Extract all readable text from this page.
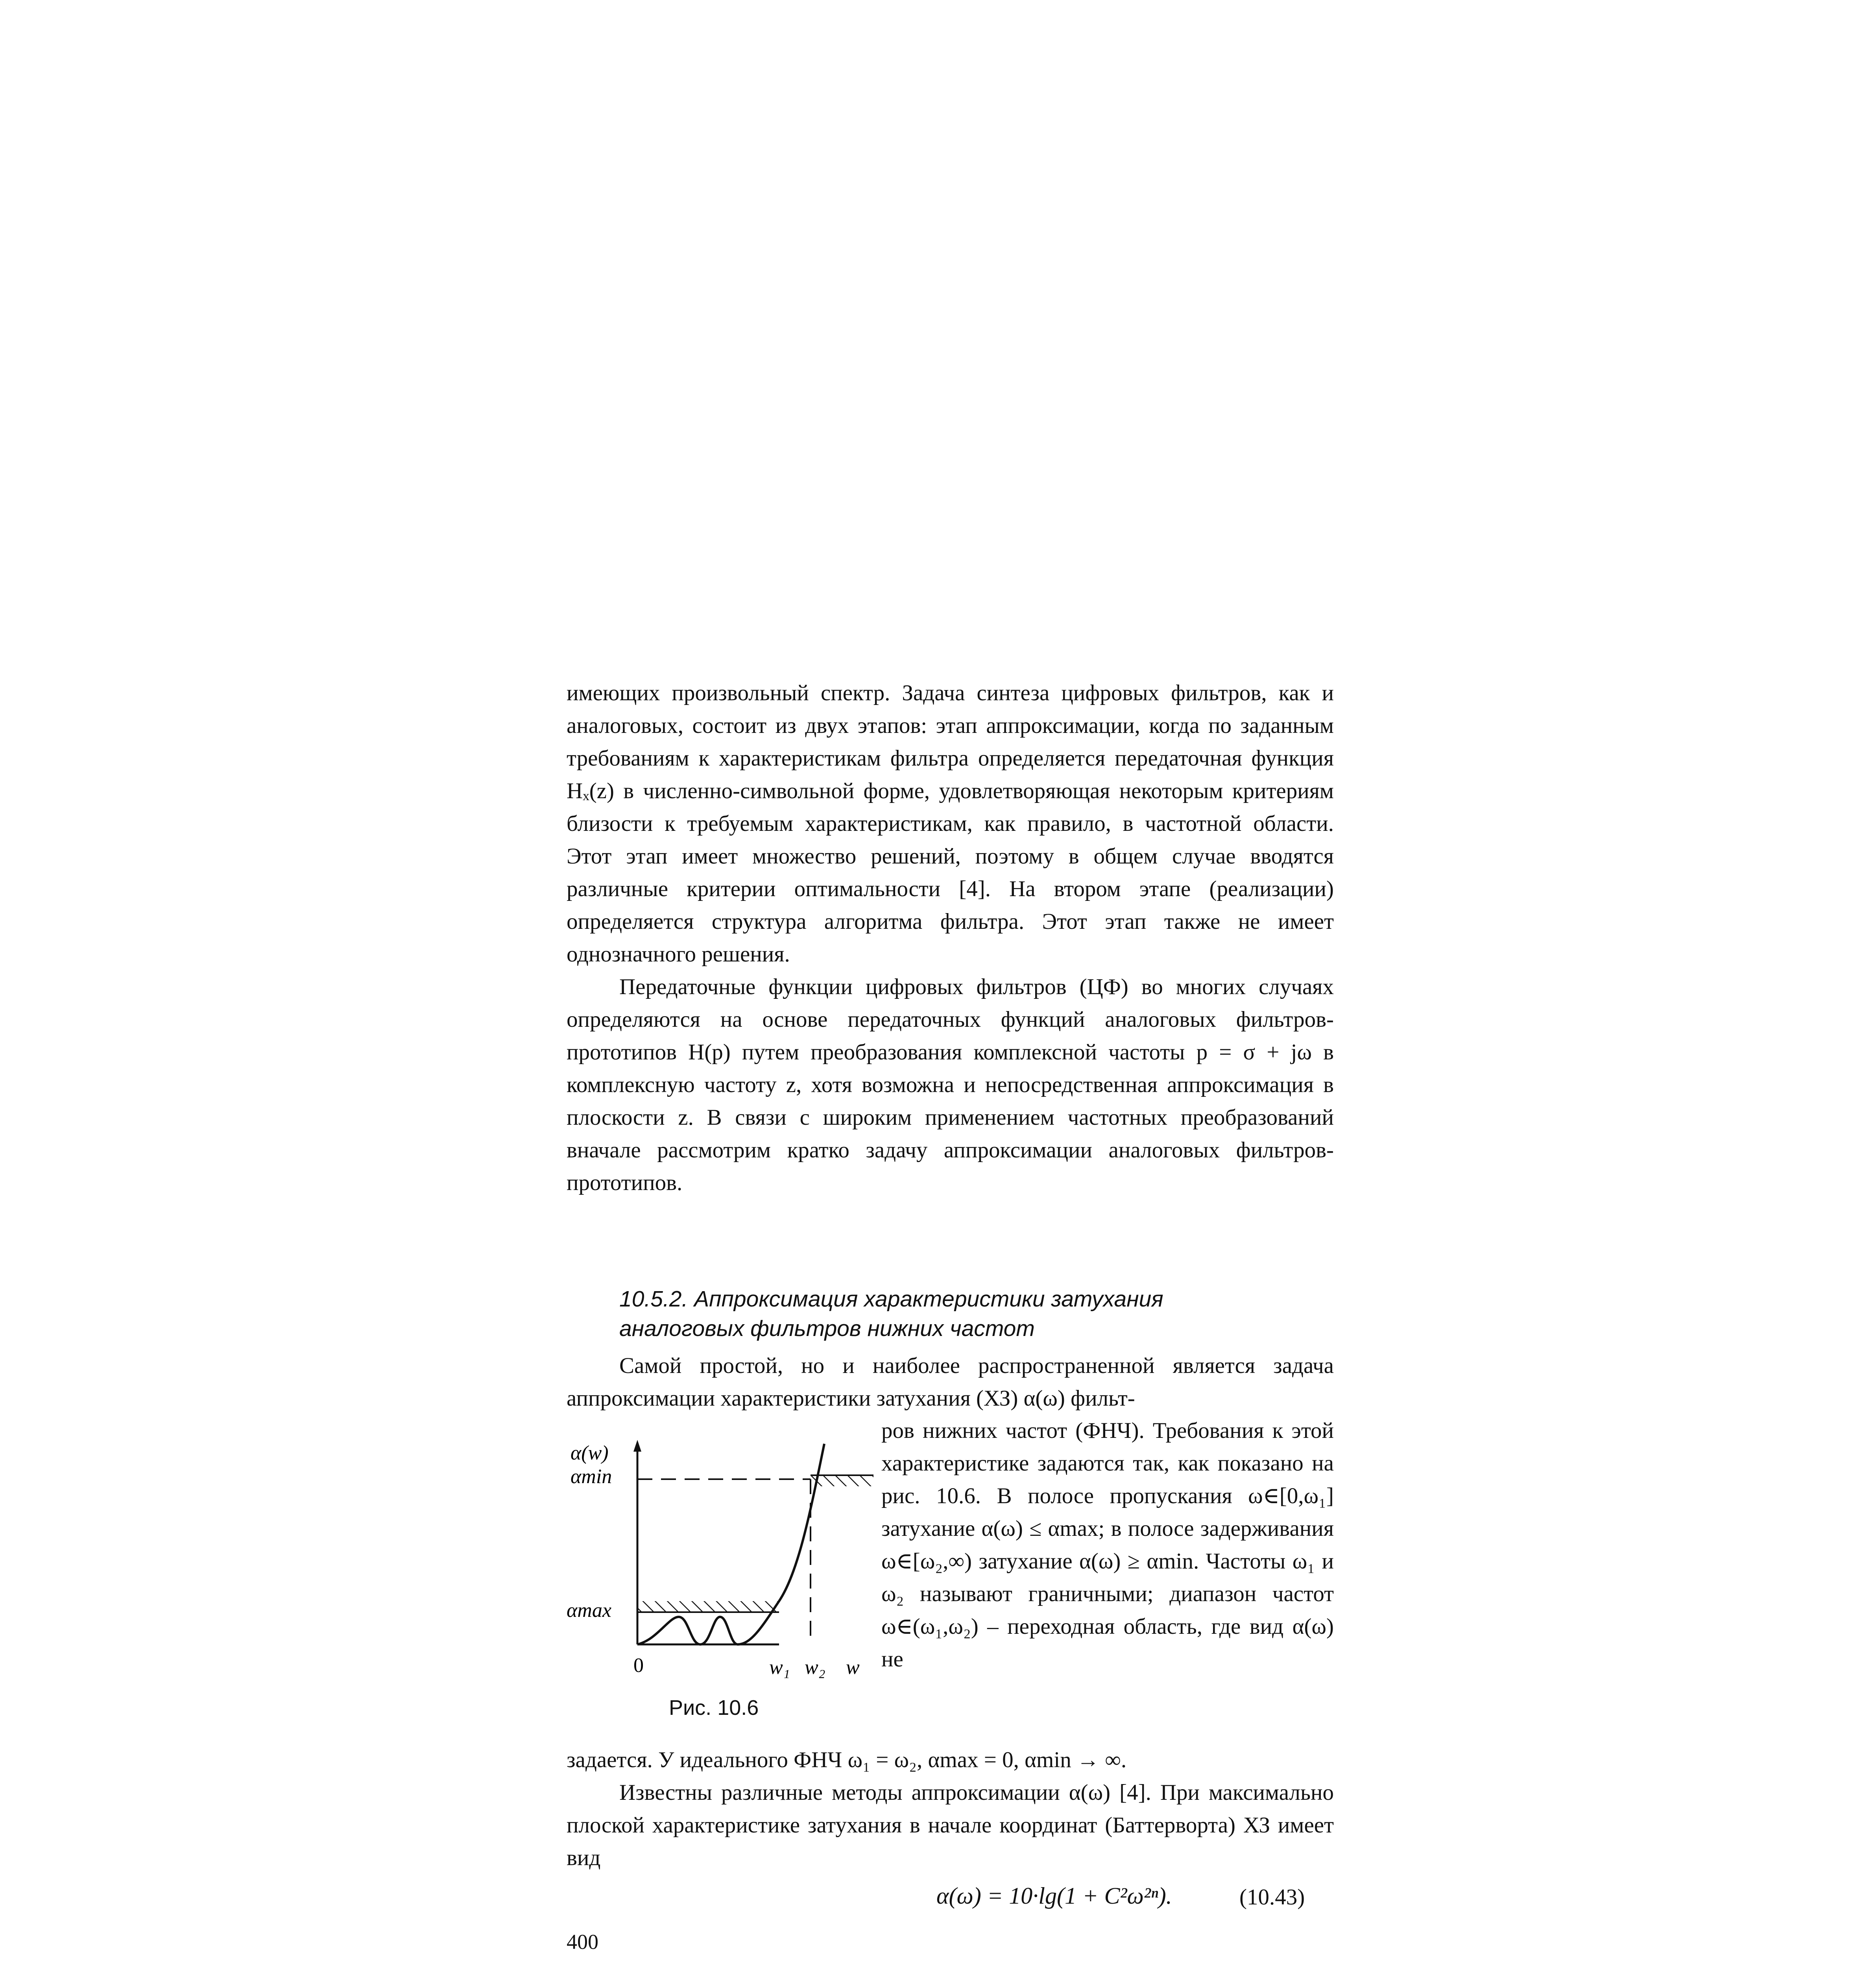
имеющих произвольный спектр. Задача синтеза цифровых фильтров, как и аналоговых, состоит из двух этапов: этап аппроксимации, когда по заданным требованиям к характеристикам фильтра определяется передаточная функция Hₓ(z) в численно-символьной форме, удовлетворяющая некоторым критериям близости к требуемым характеристикам, как правило, в частотной области. Этот этап имеет множество решений, поэтому в общем случае вводятся различные критерии оптимальности [4]. На втором этапе (реализации) определяется структура алгоритма фильтра. Этот этап также не имеет однозначного решения.

Передаточные функции цифровых фильтров (ЦФ) во многих случаях определяются на основе передаточных функций аналоговых фильтров-прототипов H(p) путем преобразования комплексной частоты p = σ + jω в комплексную частоту z, хотя возможна и непосредственная аппроксимация в плоскости z. В связи с широким применением частотных преобразований вначале рассмотрим кратко задачу аппроксимации аналоговых фильтров-прототипов.

10.5.2. Аппроксимация характеристики затухания
аналоговых фильтров нижних частот

Самой простой, но и наиболее распространенной является задача аппроксимации характеристики затухания (ХЗ) α(ω) фильт-

α(w)
αmin
αmax
0	w₁ w₂ w
Рис. 10.6
ров нижних частот (ФНЧ). Требования к этой характеристике задаются так, как показано на рис. 10.6. В полосе пропускания ω∈[0,ω₁] затухание α(ω) ≤ αmax; в полосе задерживания ω∈[ω₂,∞) затухание α(ω) ≥ αmin. Частоты ω₁ и ω₂ называют граничными; диапазон частот ω∈(ω₁,ω₂) – переходная область, где вид α(ω) не

задается. У идеального ФНЧ ω₁ = ω₂, αmax = 0, αmin → ∞.

Известны различные методы аппроксимации α(ω) [4]. При максимально плоской характеристике затухания в начале координат (Баттерворта) ХЗ имеет вид

α(ω) = 10·lg(1 + C²ω²ⁿ).	(10.43)
400
